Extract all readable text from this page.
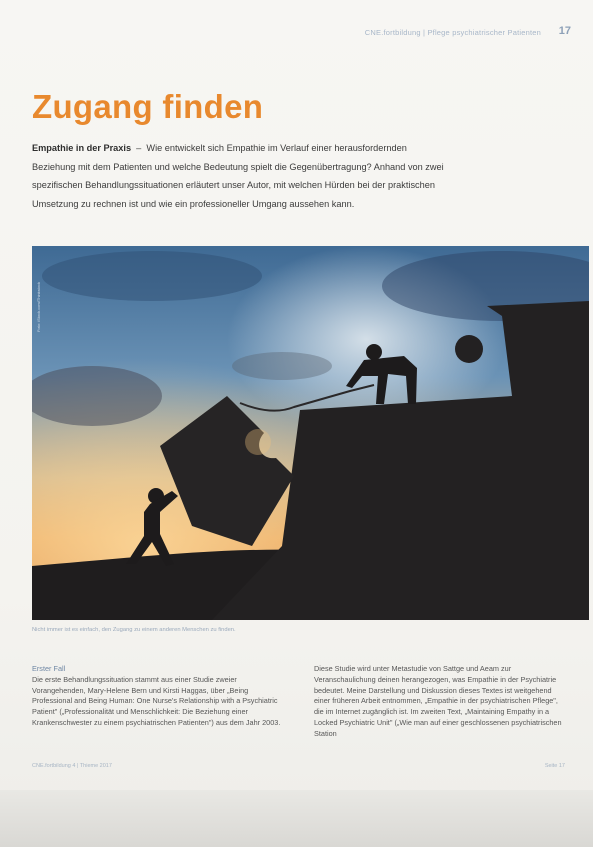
CNE.fortbildung | Pflege psychiatrischer Patienten 17
Zugang finden
Empathie in der Praxis  –  Wie entwickelt sich Empathie im Verlauf einer herausfordernden Beziehung mit dem Patienten und welche Bedeutung spielt die Gegenübertragung? Anhand von zwei spezifischen Behandlungssituationen erläutert unser Autor, mit welchen Hürden bei der praktischen Umsetzung zu rechnen ist und wie ein professioneller Umgang aussehen kann.
Foto: iStock.com/Thinkstock
Nicht immer ist es einfach, den Zugang zu einem anderen Menschen zu finden.

Erster Fall

Die erste Behandlungssituation stammt aus einer Studie zweier Vorangehenden, Mary-Helene Bern und Kirsti Haggas, über „Being Professional and Being Human: One Nurse's Relationship with a Psychiatric Patient" („Professionalität und Menschlichkeit: Die Beziehung einer Krankenschwester zu einem psychiatrischen Patienten") aus dem Jahr 2003.

Diese Studie wird unter Metastudie von Sattge und Aeam zur Veranschaulichung deinen herangezogen, was Empathie in der Psychiatrie bedeutet. Meine Darstellung und Diskussion dieses Textes ist weitgehend einer früheren Arbeit entnommen, „Empathie in der psychiatrischen Pflege", die im Internet zugänglich ist. Im zweiten Text, „Maintaining Empathy in a Locked Psychiatric Unit" („Wie man auf einer geschlossenen psychiatrischen Station

CNE.fortbildung 4 | Thieme 2017	Seite 17
